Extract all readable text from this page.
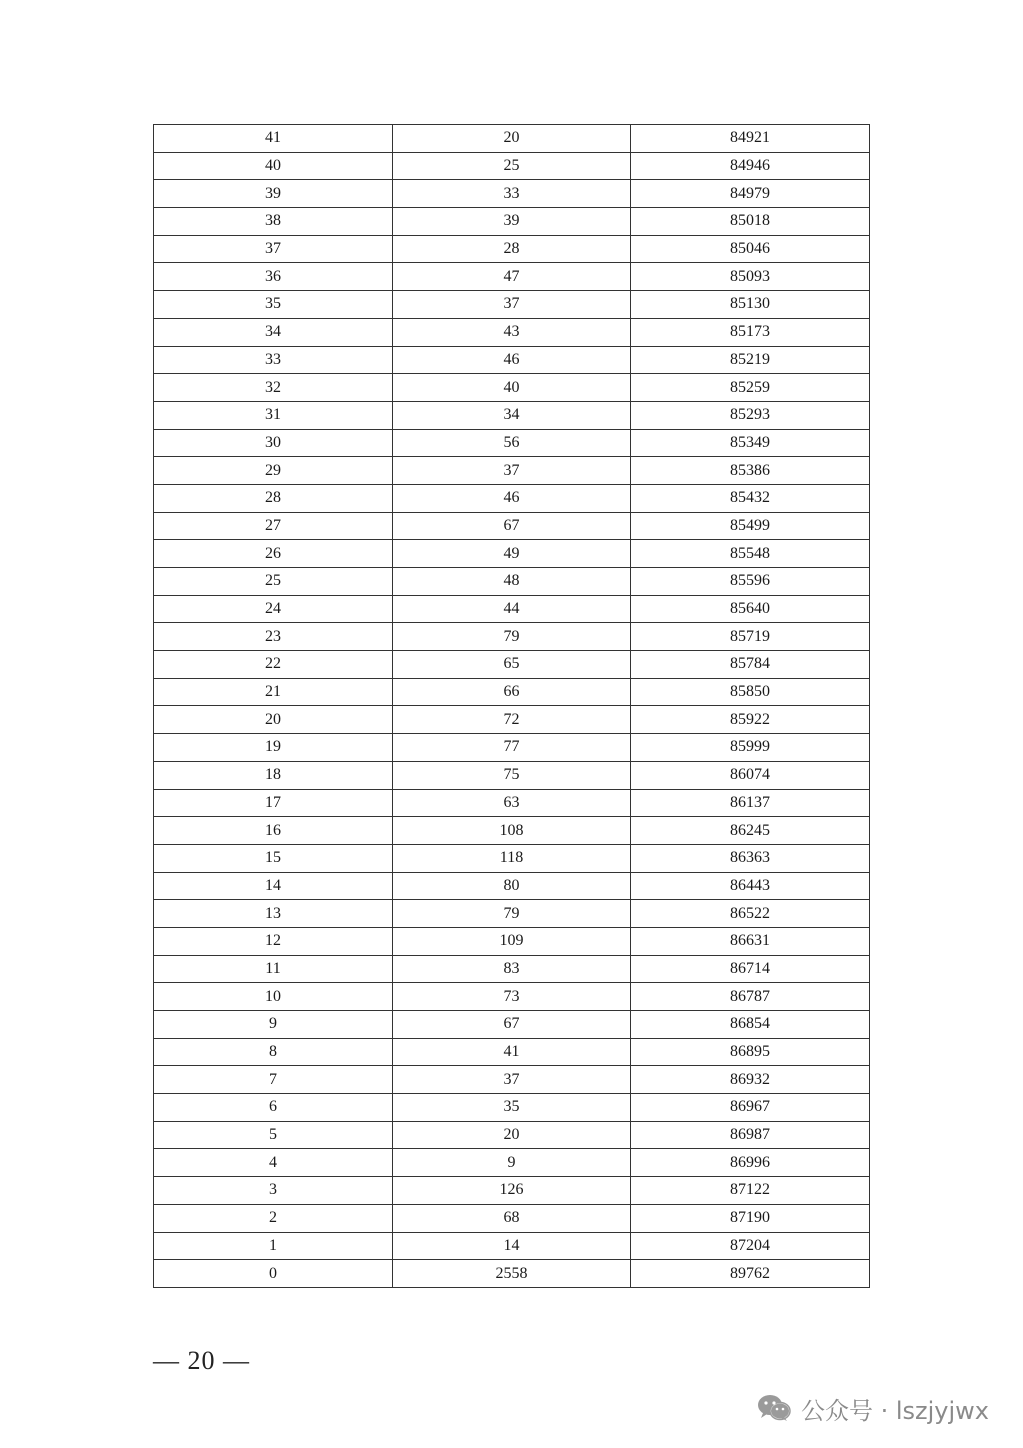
41	20	84921
40	25	84946
39	33	84979
38	39	85018
37	28	85046
36	47	85093
35	37	85130
34	43	85173
33	46	85219
32	40	85259
31	34	85293
30	56	85349
29	37	85386
28	46	85432
27	67	85499
26	49	85548
25	48	85596
24	44	85640
23	79	85719
22	65	85784
21	66	85850
20	72	85922
19	77	85999
18	75	86074
17	63	86137
16	108	86245
15	118	86363
14	80	86443
13	79	86522
12	109	86631
11	83	86714
10	73	86787
9	67	86854
8	41	86895
7	37	86932
6	35	86967
5	20	86987
4	9	86996
3	126	87122
2	68	87190
1	14	87204
0	2558	89762
— 20 —
公众号 · lszjyjwx
